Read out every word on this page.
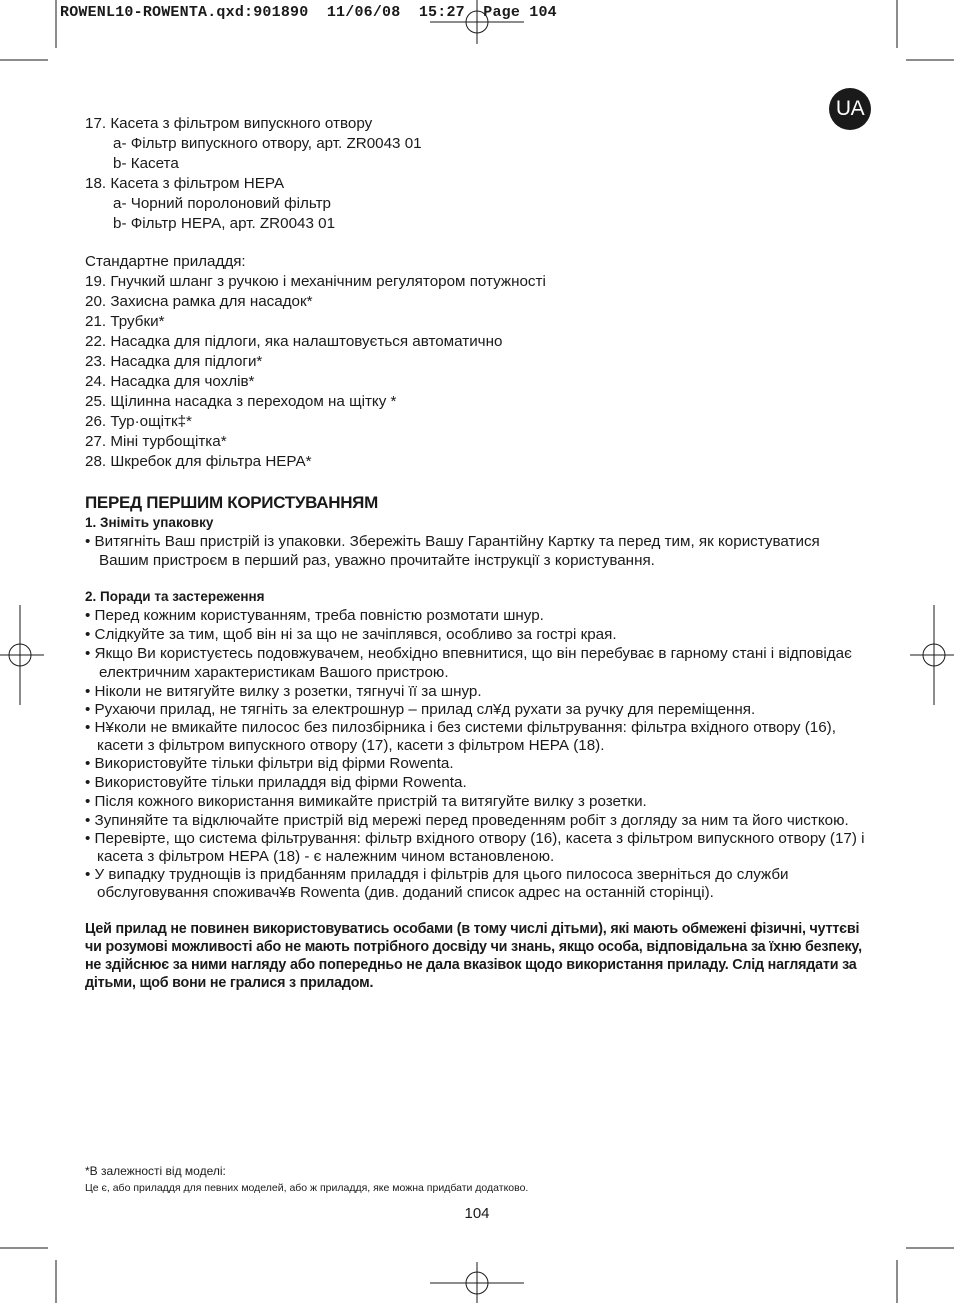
ROWENL10-ROWENTA.qxd:901890  11/06/08  15:27  Page 104
UA
17. Касета з фільтром випускного отвору
a- Фільтр випускного отвору, арт. ZR0043 01
b- Касета
18. Касета з фільтром НЕРА
a- Чорний поролоновий фільтр
b- Фільтр НЕРА, арт. ZR0043 01
Стандартне приладдя:
19. Гнучкий шланг з ручкою і механічним регулятором потужності
20. Захисна рамка для насадок*
21. Трубки*
22. Насадка для підлоги, яка налаштовується автоматично
23. Насадка для підлоги*
24. Насадка для чохлів*
25. Щілинна насадка з переходом на щітку *
26. Тур·ощітк‡*
27. Міні турбощітка*
28. Шкребок для фільтра НЕРА*
ПЕРЕД ПЕРШИМ КОРИСТУВАННЯМ
1. Зніміть упаковку
• Витягніть Ваш пристрій із упаковки. Збережіть Вашу Гарантійну Картку та перед тим, як користуватися Вашим пристроєм в перший раз, уважно прочитайте інструкції з користування.
2. Поради та застереження
• Перед кожним користуванням, треба повністю розмотати шнур.
• Слідкуйте за тим, щоб він ні за що не зачіплявся, особливо за гострі края.
• Якщо Ви користуєтесь подовжувачем, необхідно впевнитися, що він перебуває в гарному стані і відповідає електричним характеристикам Вашого пристрою.
• Ніколи не витягуйте вилку з розетки, тягнучі її за шнур.
• Рухаючи прилад, не тягніть за електрошнур – прилад сл¥д рухати за ручку для переміщення.
• Н¥коли не вмикайте пилосос без пилозбірника і без системи фільтрування: фільтра вхідного отвору (16), касети з фільтром випускного отвору (17), касети з фільтром НЕРА (18).
• Використовуйте тільки фільтри від фірми Rowenta.
• Використовуйте тільки приладдя від фірми Rowenta.
• Після кожного використання вимикайте пристрій та витягуйте вилку з розетки.
• Зупиняйте та відключайте пристрій від мережі перед проведенням робіт з догляду за ним та його чисткою.
• Перевірте, що система фільтрування: фільтр вхідного отвору (16), касета з фільтром випускного отвору (17) і касета з фільтром НЕРА (18) - є належним чином встановленою.
• У випадку труднощів із придбанням приладдя і фільтрів для цього пилососа зверніться до служби обслуговування споживач¥в Rowenta (див. доданий список адрес на останній сторінці).
Цей прилад не повинен використовуватись особами (в тому числі дітьми), які мають обмежені фізичні, чуттєві чи розумові можливості або не мають потрібного досвіду чи знань, якщо особа, відповідальна за їхню безпеку, не здійснює за ними нагляду або попередньо не дала вказівок щодо використання приладу. Слід наглядати за дітьми, щоб вони не гралися з приладом.
*В залежності від моделі:
Це є, або приладдя для певних моделей, або ж приладдя, яке можна придбати додатково.
104
